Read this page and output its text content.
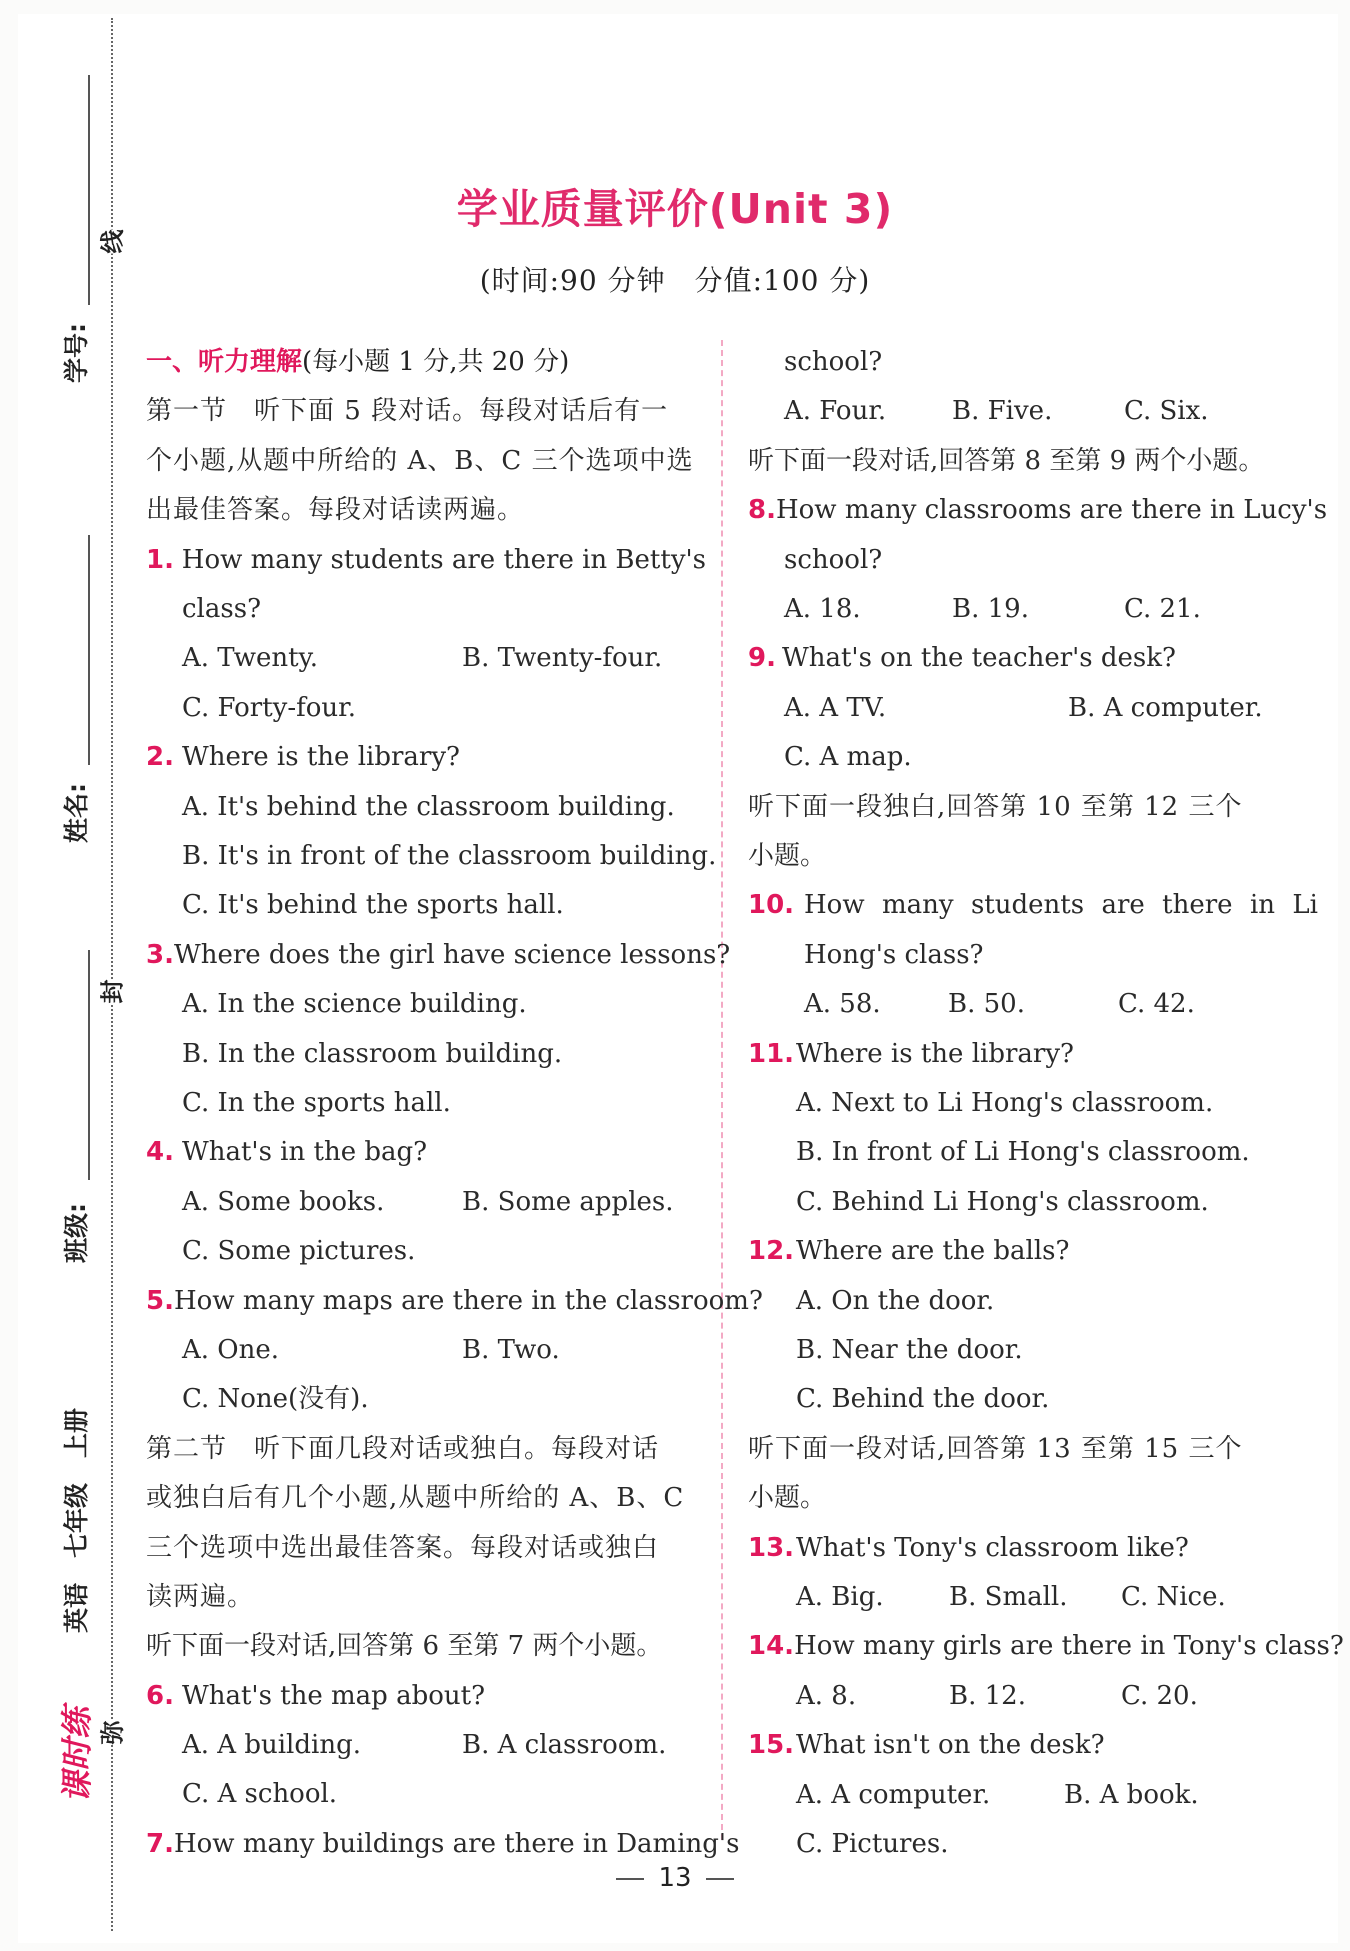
学号:
姓名:
班级:
英语　七年级　上册
线
封
弥
课时练
学业质量评价(Unit 3)
(时间:90 分钟　分值:100 分)
一、听力理解(每小题 1 分,共 20 分)
第一节　听下面 5 段对话。每段对话后有一
个小题,从题中所给的 A、B、C 三个选项中选
出最佳答案。每段对话读两遍。
1. How many students are there in Betty's
class?
A. Twenty.	B. Twenty-four.
C. Forty-four.
2. Where is the library?
A. It's behind the classroom building.
B. It's in front of the classroom building.
C. It's behind the sports hall.
3. Where does the girl have science lessons?
A. In the science building.
B. In the classroom building.
C. In the sports hall.
4. What's in the bag?
A. Some books.	B. Some apples.
C. Some pictures.
5. How many maps are there in the classroom?
A. One.	B. Two.
C. None(没有).
第二节　听下面几段对话或独白。每段对话
或独白后有几个小题,从题中所给的 A、B、C
三个选项中选出最佳答案。每段对话或独白
读两遍。
听下面一段对话,回答第 6 至第 7 两个小题。
6. What's the map about?
A. A building.	B. A classroom.
C. A school.
7. How many buildings are there in Daming's
school?
A. Four.	B. Five.	C. Six.
听下面一段对话,回答第 8 至第 9 两个小题。
8. How many classrooms are there in Lucy's
school?
A. 18.	B. 19.	C. 21.
9. What's on the teacher's desk?
A. A TV.	B. A computer.
C. A map.
听下面一段独白,回答第 10 至第 12 三个
小题。
10. How many students are there in Li
Hong's class?
A. 58.	B. 50.	C. 42.
11. Where is the library?
A. Next to Li Hong's classroom.
B. In front of Li Hong's classroom.
C. Behind Li Hong's classroom.
12. Where are the balls?
A. On the door.
B. Near the door.
C. Behind the door.
听下面一段对话,回答第 13 至第 15 三个
小题。
13. What's Tony's classroom like?
A. Big.	B. Small.	C. Nice.
14. How many girls are there in Tony's class?
A. 8.	B. 12.	C. 20.
15. What isn't on the desk?
A. A computer.	B. A book.
C. Pictures.
13
